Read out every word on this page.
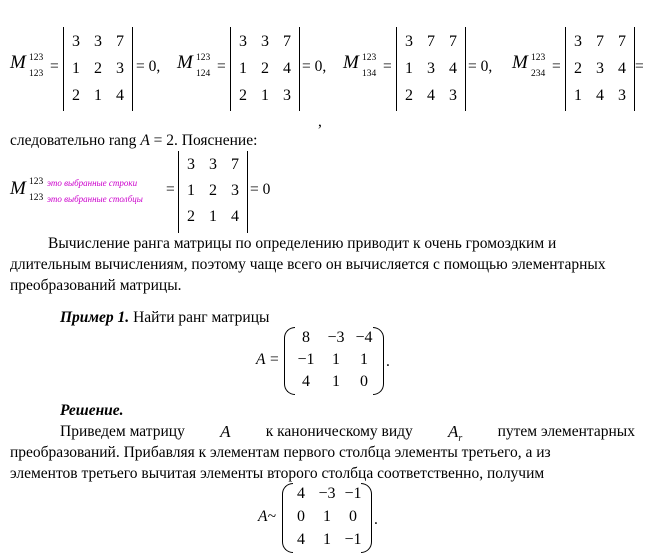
M 123
123 =
3 3 7
1 2 3
2 1 4
= 0, M 123
124 =
3 3 7
1 2 4
2 1 3
= 0, M 123
134 =
3 7 7
1 3 4
2 4 3
= 0, M 123
234 =
3 7 7
2 3 4
1 4 3
=
,
следовательно rang A = 2. Пояснение:
M 123 это выбранные строки
123 это выбранные столбцы
=
3 3 7
1 2 3
2 1 4
= 0
Вычисление ранга матрицы по определению приводит к очень громоздким и
длительным вычислениям, поэтому чаще всего он вычисляется с помощью элементарных
преобразований матрицы.
Пример 1. Найти ранг матрицы
A =
8	−3 −4
−1	1	1
4	1	0
.
Решение.
Приведем матрицу A к каноническому виду $A_r$ путем элементарных
преобразований. Прибавляя к элементам первого столбца элементы третьего, а из
элементов третьего вычитая элементы второго столбца соответственно, получим
A~
4 −3 −1
0	1	0
4	1 −1
.
